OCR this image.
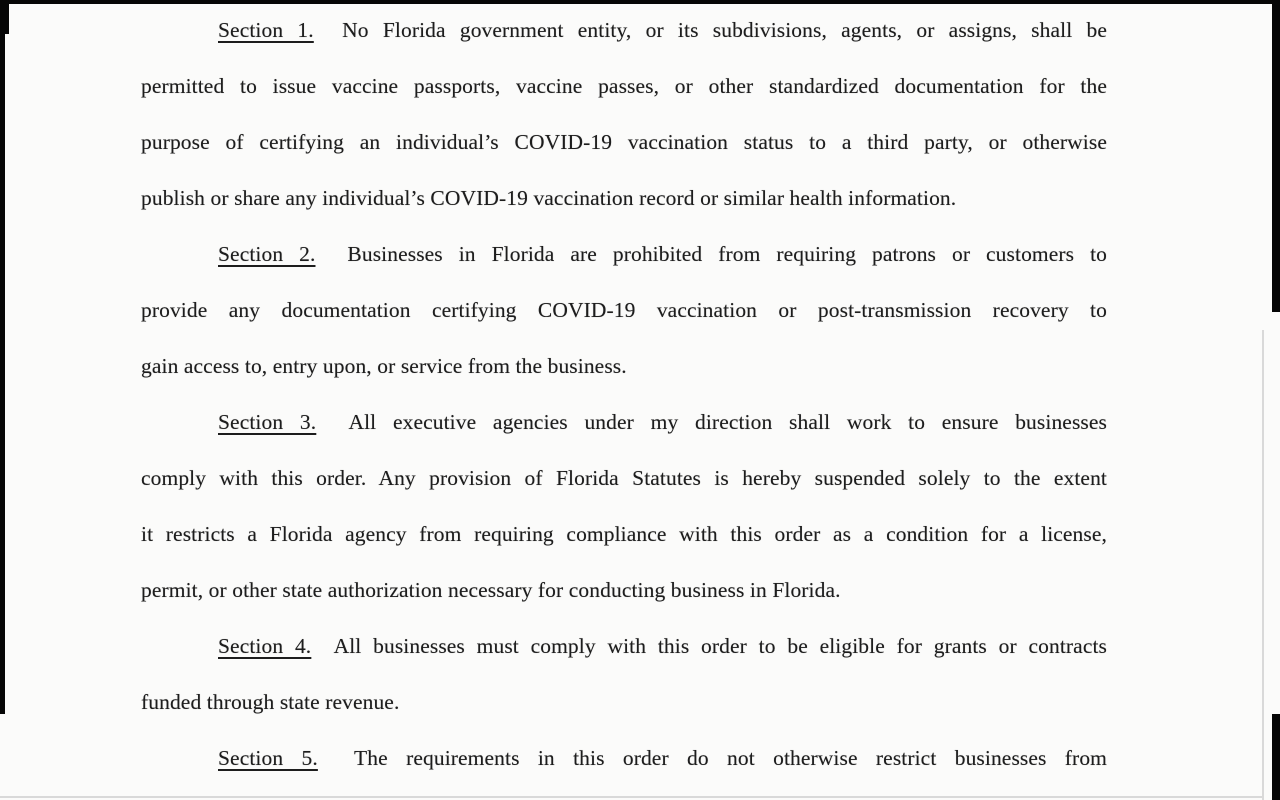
Section 1.  No Florida government entity, or its subdivisions, agents, or assigns, shall be
permitted to issue vaccine passports, vaccine passes, or other standardized documentation for the
purpose of certifying an individual’s COVID-19 vaccination status to a third party, or otherwise
publish or share any individual’s COVID-19 vaccination record or similar health information.
Section 2.  Businesses in Florida are prohibited from requiring patrons or customers to
provide any documentation certifying COVID-19 vaccination or post-transmission recovery to
gain access to, entry upon, or service from the business.
Section 3.  All executive agencies under my direction shall work to ensure businesses
comply with this order. Any provision of Florida Statutes is hereby suspended solely to the extent
it restricts a Florida agency from requiring compliance with this order as a condition for a license,
permit, or other state authorization necessary for conducting business in Florida.
Section 4.  All businesses must comply with this order to be eligible for grants or contracts
funded through state revenue.
Section 5.  The requirements in this order do not otherwise restrict businesses from
